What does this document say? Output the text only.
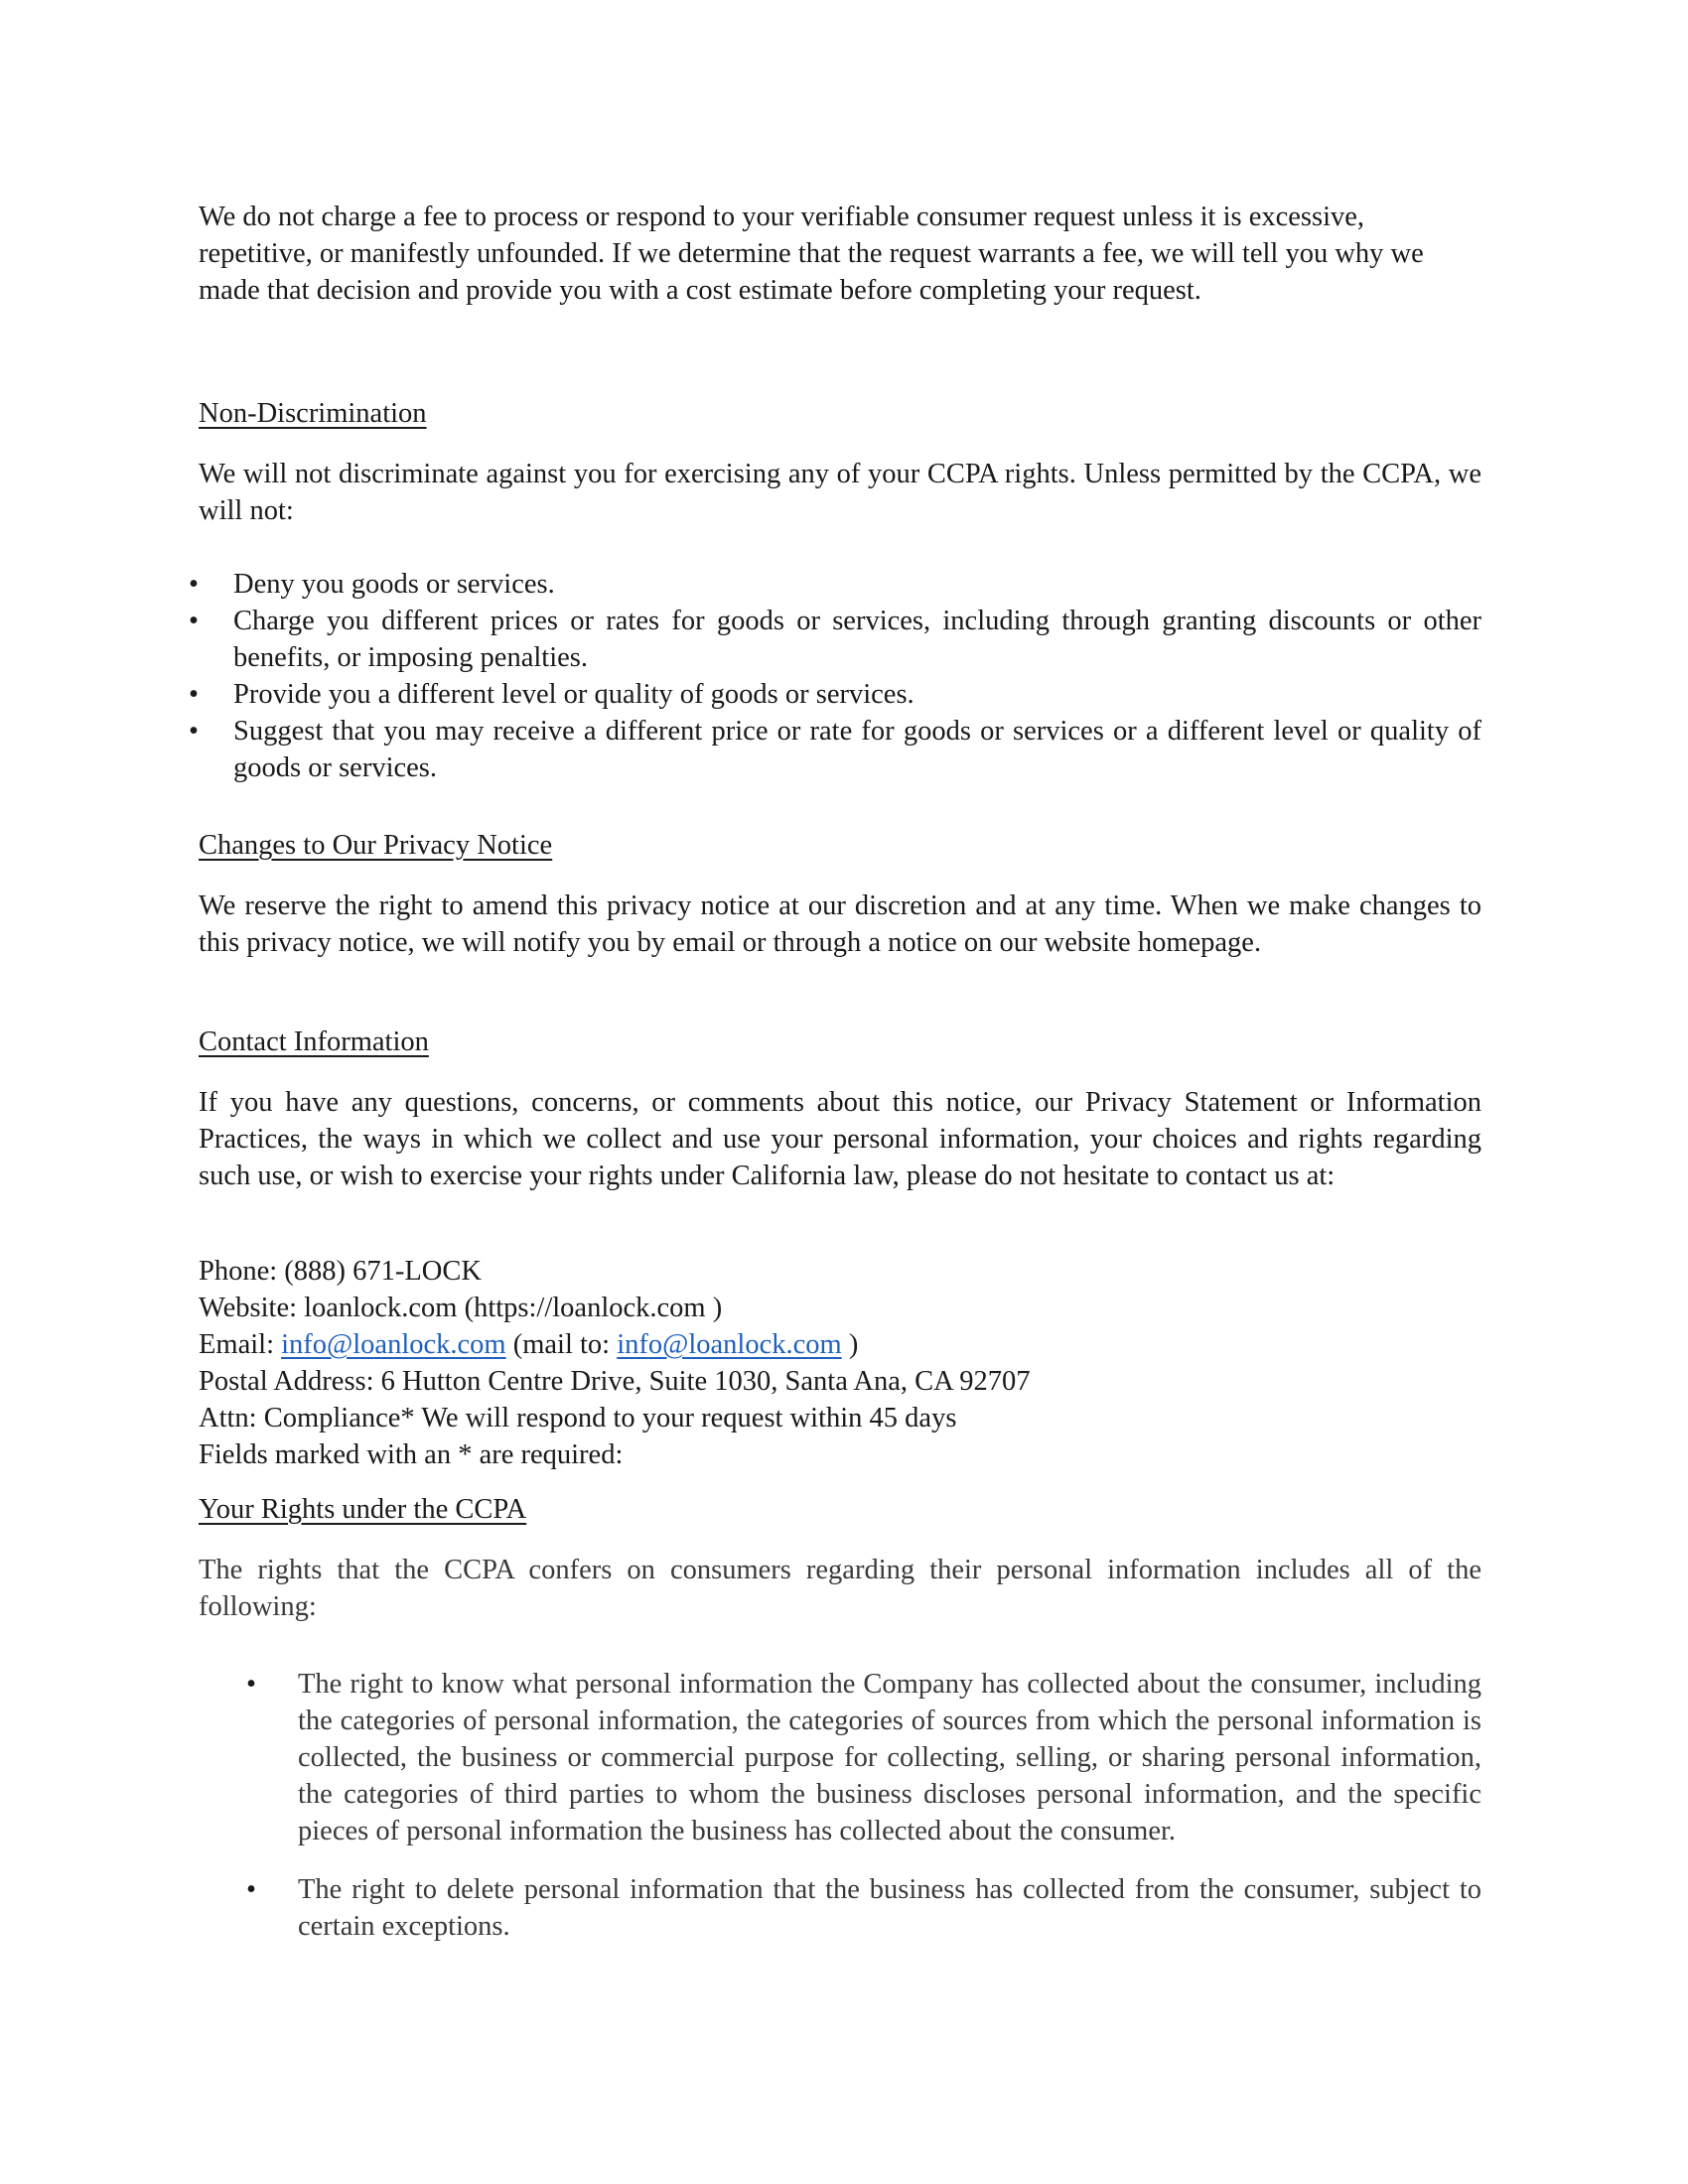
We do not charge a fee to process or respond to your verifiable consumer request unless it is excessive, repetitive, or manifestly unfounded. If we determine that the request warrants a fee, we will tell you why we made that decision and provide you with a cost estimate before completing your request.

Non-Discrimination

We will not discriminate against you for exercising any of your CCPA rights. Unless permitted by the CCPA, we will not:

• Deny you goods or services.
• Charge you different prices or rates for goods or services, including through granting discounts or other benefits, or imposing penalties.
• Provide you a different level or quality of goods or services.
• Suggest that you may receive a different price or rate for goods or services or a different level or quality of goods or services.

Changes to Our Privacy Notice

We reserve the right to amend this privacy notice at our discretion and at any time. When we make changes to this privacy notice, we will notify you by email or through a notice on our website homepage.

Contact Information

If you have any questions, concerns, or comments about this notice, our Privacy Statement or Information Practices, the ways in which we collect and use your personal information, your choices and rights regarding such use, or wish to exercise your rights under California law, please do not hesitate to contact us at:

Phone: (888) 671-LOCK
Website: loanlock.com (https://loanlock.com )
Email: info@loanlock.com (mail to: info@loanlock.com )
Postal Address: 6 Hutton Centre Drive, Suite 1030, Santa Ana, CA 92707
Attn: Compliance* We will respond to your request within 45 days
Fields marked with an * are required:

Your Rights under the CCPA

The rights that the CCPA confers on consumers regarding their personal information includes all of the following:

• The right to know what personal information the Company has collected about the consumer, including the categories of personal information, the categories of sources from which the personal information is collected, the business or commercial purpose for collecting, selling, or sharing personal information, the categories of third parties to whom the business discloses personal information, and the specific pieces of personal information the business has collected about the consumer.
• The right to delete personal information that the business has collected from the consumer, subject to certain exceptions.
